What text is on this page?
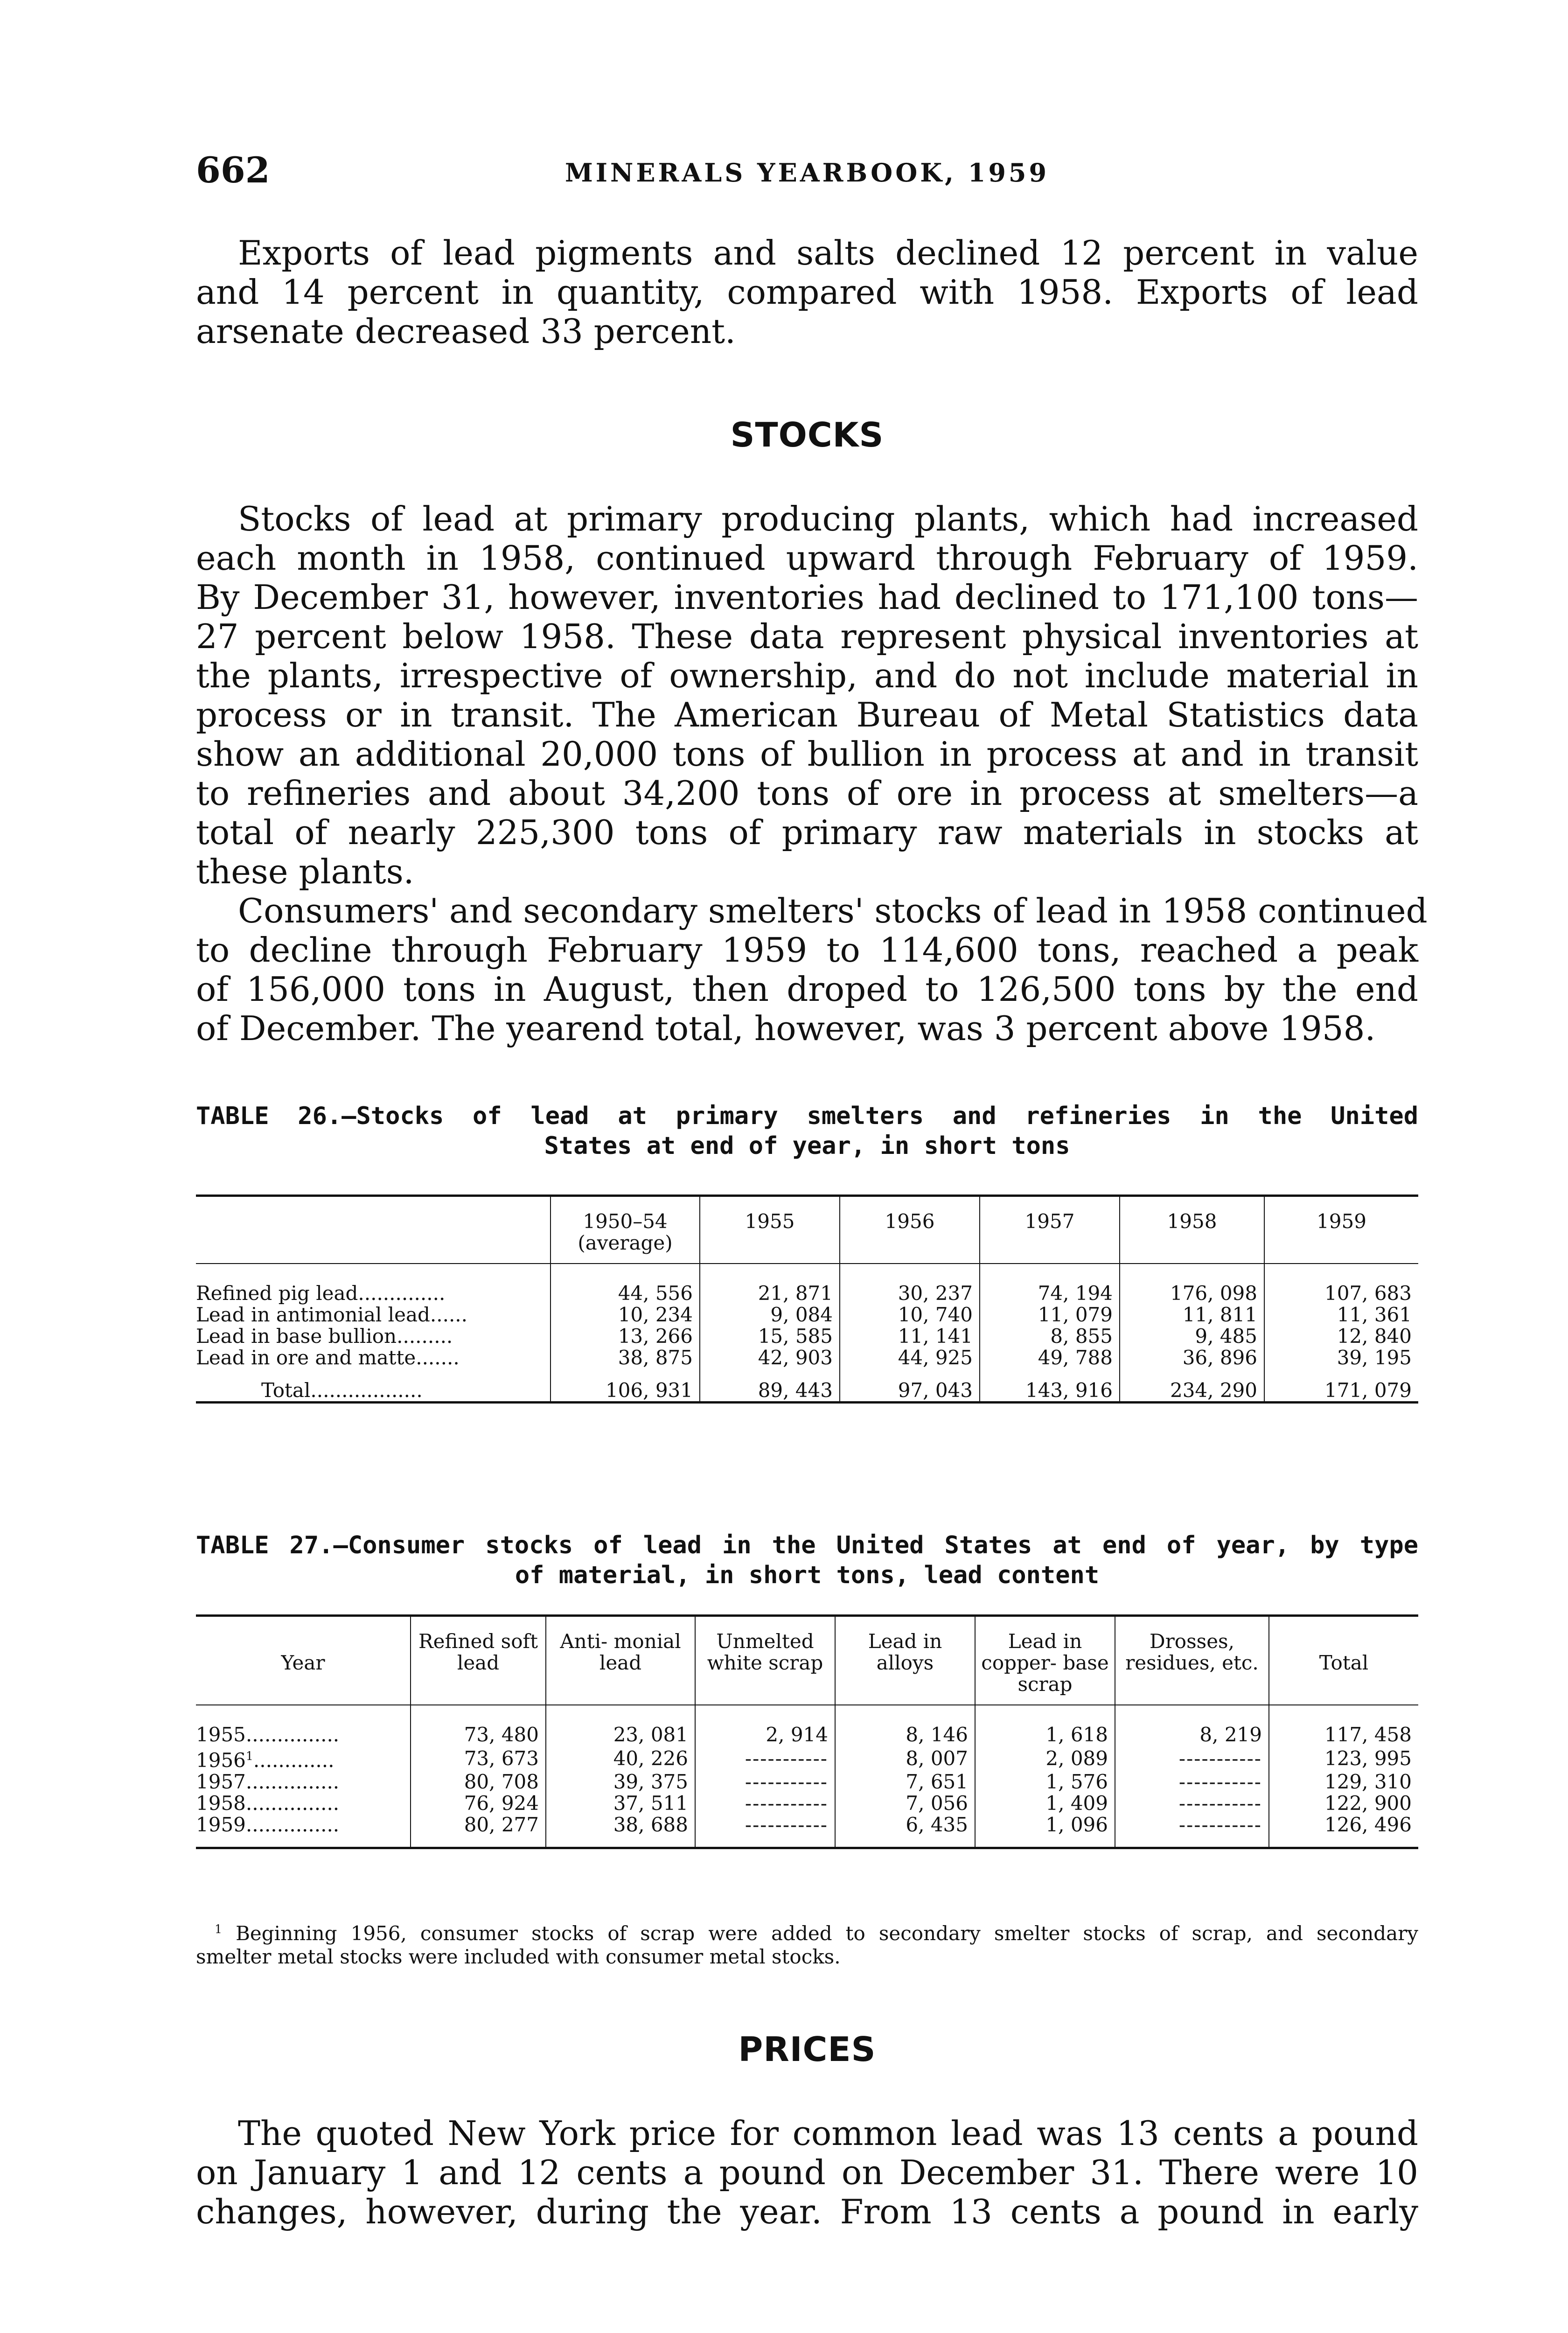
662	MINERALS YEARBOOK, 1959

Exports of lead pigments and salts declined 12 percent in value
and 14 percent in quantity, compared with 1958. Exports of lead
arsenate decreased 33 percent.

STOCKS

Stocks of lead at primary producing plants, which had increased
each month in 1958, continued upward through February of 1959.
By December 31, however, inventories had declined to 171,100 tons—
27 percent below 1958. These data represent physical inventories at
the plants, irrespective of ownership, and do not include material in
process or in transit. The American Bureau of Metal Statistics data
show an additional 20,000 tons of bullion in process at and in transit
to refineries and about 34,200 tons of ore in process at smelters—a
total of nearly 225,300 tons of primary raw materials in stocks at
these plants.

Consumers' and secondary smelters' stocks of lead in 1958 continued
to decline through February 1959 to 114,600 tons, reached a peak
of 156,000 tons in August, then droped to 126,500 tons by the end
of December. The yearend total, however, was 3 percent above 1958.

TABLE 26.—Stocks of lead at primary smelters and refineries in the United
States at end of year, in short tons
	1950–54 (average)	1955	1956	1957	1958	1959
Refined pig lead..............	44, 556	21, 871	30, 237	74, 194	176, 098	107, 683
Lead in antimonial lead......	10, 234	9, 084	10, 740	11, 079	11, 811	11, 361
Lead in base bullion.........	13, 266	15, 585	11, 141	8, 855	9, 485	12, 840
Lead in ore and matte.......	38, 875	42, 903	44, 925	49, 788	36, 896	39, 195
Total..................	106, 931	89, 443	97, 043	143, 916	234, 290	171, 079
TABLE 27.—Consumer stocks of lead in the United States at end of year, by type
of material, in short tons, lead content
Year	Refined soft lead	Anti- monial lead	Unmelted white scrap	Lead in alloys	Lead in copper- base scrap	Drosses, residues, etc.	Total
1955...............	73, 480	23, 081	2, 914	8, 146	1, 618	8, 219	117, 458
1956$^1$.............	73, 673	40, 226	-----------	8, 007	2, 089	-----------	123, 995
1957...............	80, 708	39, 375	-----------	7, 651	1, 576	-----------	129, 310
1958...............	76, 924	37, 511	-----------	7, 056	1, 409	-----------	122, 900
1959...............	80, 277	38, 688	-----------	6, 435	1, 096	-----------	126, 496
$^1$ Beginning 1956, consumer stocks of scrap were added to secondary smelter stocks of scrap, and secondary
smelter metal stocks were included with consumer metal stocks.
PRICES

The quoted New York price for common lead was 13 cents a pound
on January 1 and 12 cents a pound on December 31. There were 10
changes, however, during the year. From 13 cents a pound in early
